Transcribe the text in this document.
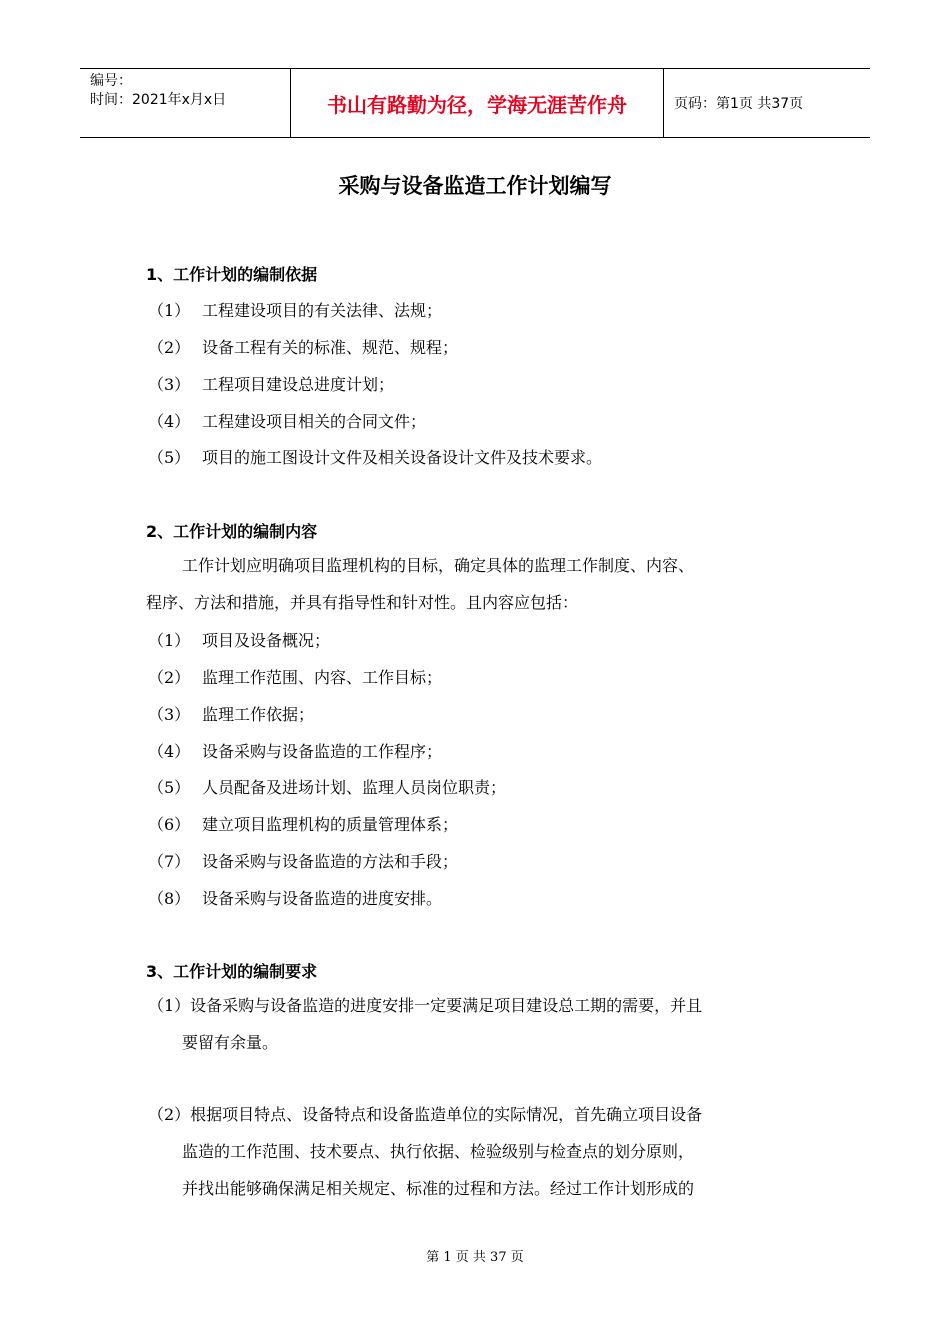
编号：
时间：2021年x月x日	书山有路勤为径，学海无涯苦作舟	页码：第1页 共37页
采购与设备监造工作计划编写
1、工作计划的编制依据
（1） 工程建设项目的有关法律、法规；
（2） 设备工程有关的标准、规范、规程；
（3） 工程项目建设总进度计划；
（4） 工程建设项目相关的合同文件；
（5） 项目的施工图设计文件及相关设备设计文件及技术要求。
2、工作计划的编制内容
工作计划应明确项目监理机构的目标，确定具体的监理工作制度、内容、
程序、方法和措施，并具有指导性和针对性。且内容应包括：
（1） 项目及设备概况；
（2） 监理工作范围、内容、工作目标；
（3） 监理工作依据；
（4） 设备采购与设备监造的工作程序；
（5） 人员配备及进场计划、监理人员岗位职责；
（6） 建立项目监理机构的质量管理体系；
（7） 设备采购与设备监造的方法和手段；
（8） 设备采购与设备监造的进度安排。
3、工作计划的编制要求
（1）设备采购与设备监造的进度安排一定要满足项目建设总工期的需要，并且
要留有余量。
（2）根据项目特点、设备特点和设备监造单位的实际情况，首先确立项目设备
监造的工作范围、技术要点、执行依据、检验级别与检查点的划分原则，
并找出能够确保满足相关规定、标准的过程和方法。经过工作计划形成的
第 1 页 共 37 页
